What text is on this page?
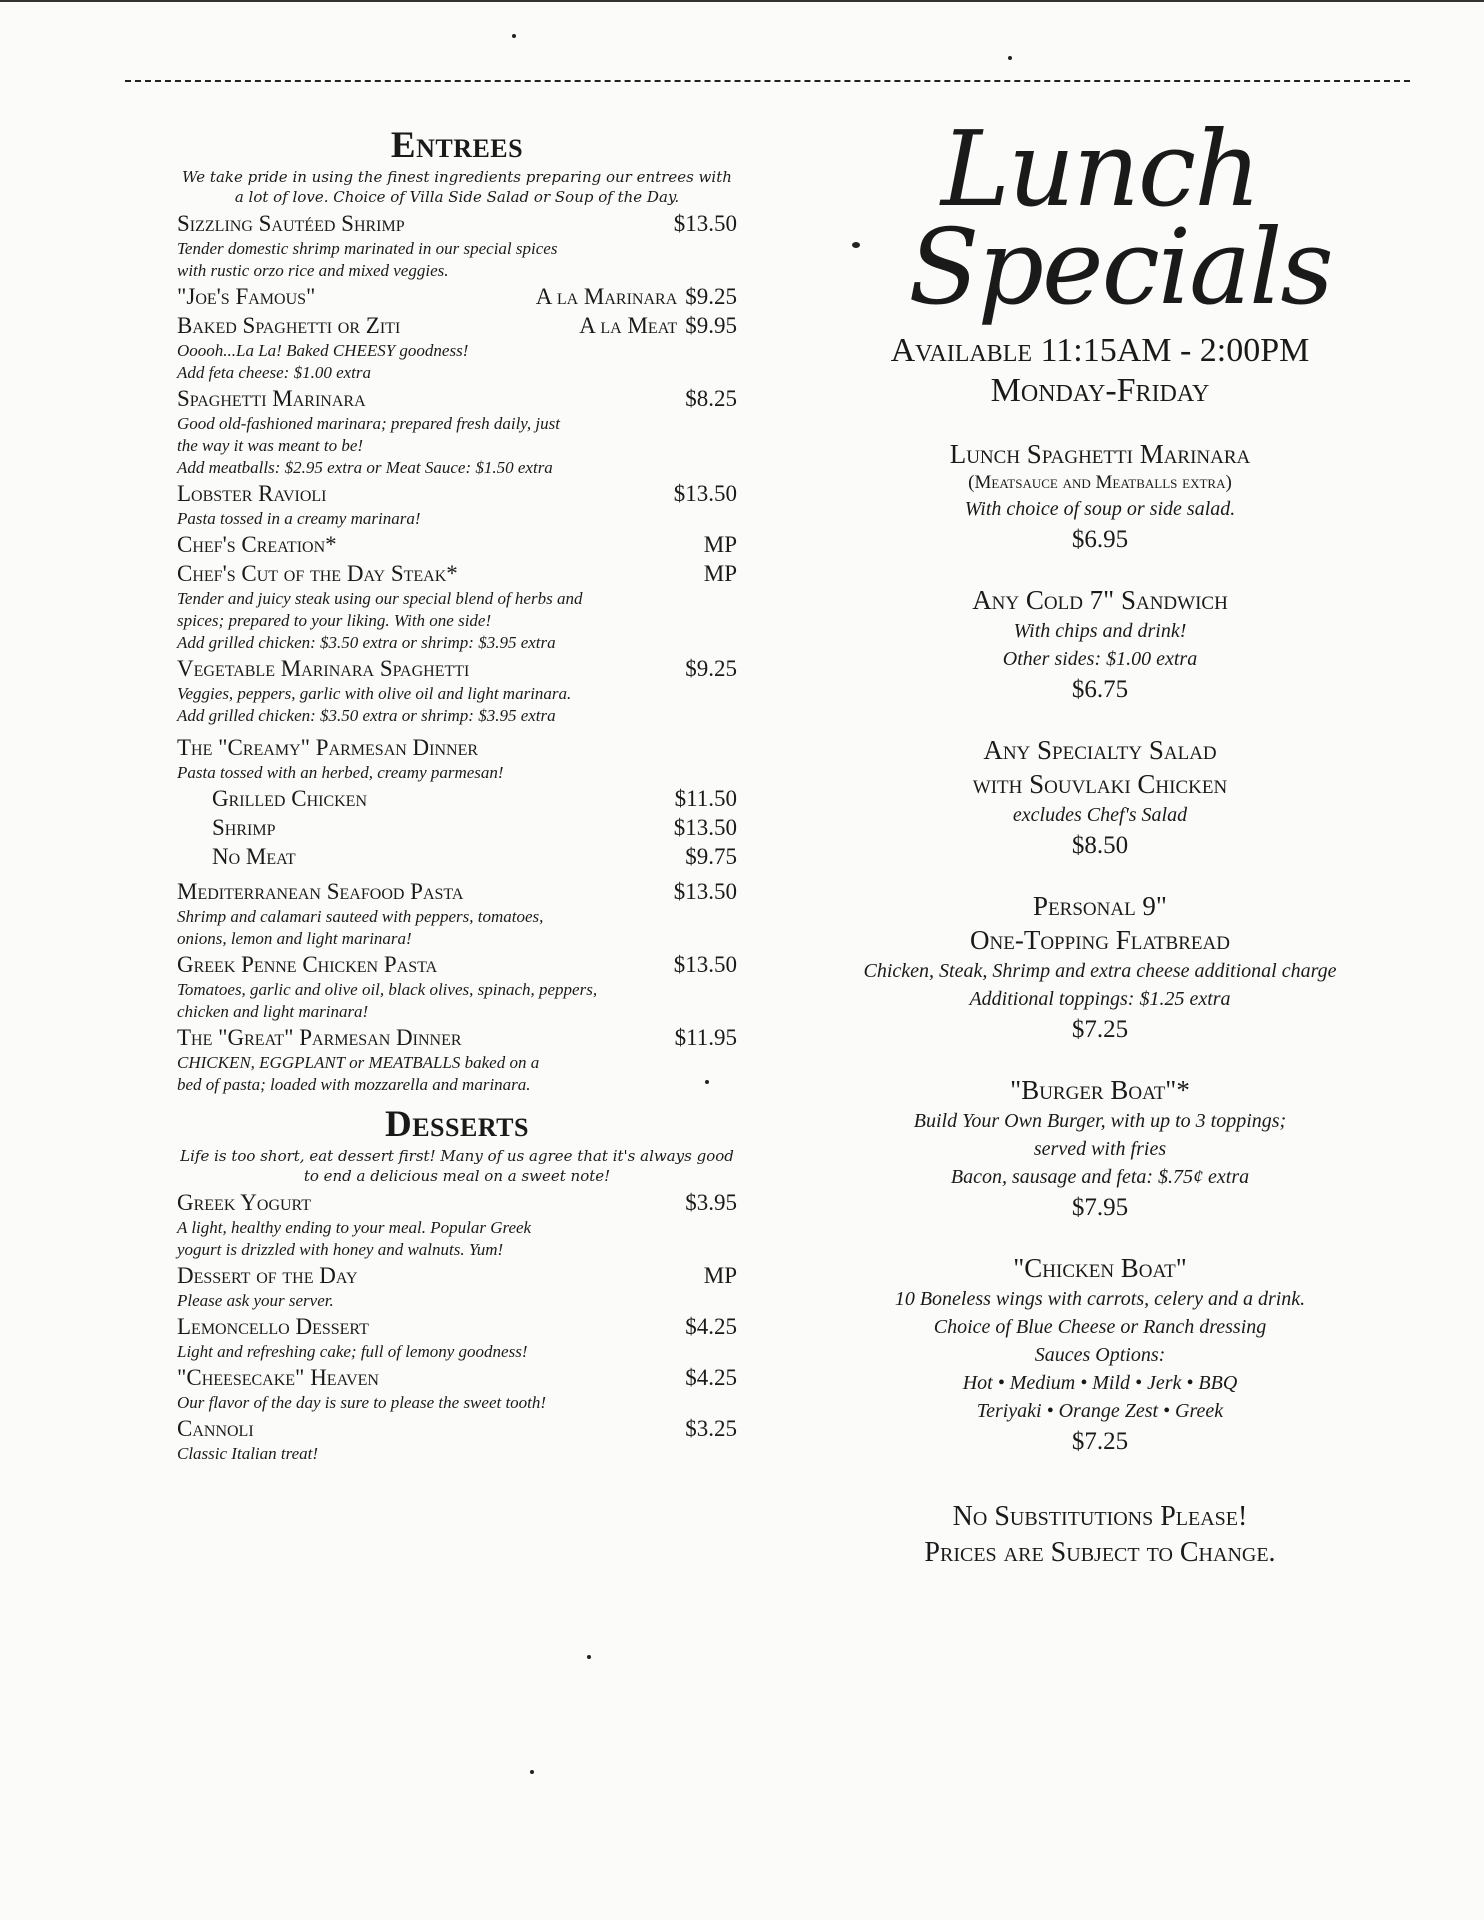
Entrees
We take pride in using the finest ingredients preparing our entrees with a lot of love. Choice of Villa Side Salad or Soup of the Day.
Sizzling Sautéed Shrimp	$13.50
Tender domestic shrimp marinated in our special spices
with rustic orzo rice and mixed veggies.
"Joe's Famous"	A la Marinara $9.25
Baked Spaghetti or Ziti	A la Meat $9.95
Ooooh...La La! Baked CHEESY goodness!
Add feta cheese: $1.00 extra
Spaghetti Marinara	$8.25
Good old-fashioned marinara; prepared fresh daily, just
the way it was meant to be!
Add meatballs: $2.95 extra or Meat Sauce: $1.50 extra
Lobster Ravioli	$13.50
Pasta tossed in a creamy marinara!
Chef's Creation*	MP
Chef's Cut of the Day Steak*	MP
Tender and juicy steak using our special blend of herbs and
spices; prepared to your liking. With one side!
Add grilled chicken: $3.50 extra or shrimp: $3.95 extra
Vegetable Marinara Spaghetti	$9.25
Veggies, peppers, garlic with olive oil and light marinara.
Add grilled chicken: $3.50 extra or shrimp: $3.95 extra
The "Creamy" Parmesan Dinner
Pasta tossed with an herbed, creamy parmesan!
Grilled Chicken	$11.50
Shrimp	$13.50
No Meat	$9.75
Mediterranean Seafood Pasta	$13.50
Shrimp and calamari sauteed with peppers, tomatoes,
onions, lemon and light marinara!
Greek Penne Chicken Pasta	$13.50
Tomatoes, garlic and olive oil, black olives, spinach, peppers,
chicken and light marinara!
The "Great" Parmesan Dinner	$11.95
CHICKEN, EGGPLANT or MEATBALLS baked on a
bed of pasta; loaded with mozzarella and marinara.
Desserts
Life is too short, eat dessert first! Many of us agree that it's always good to end a delicious meal on a sweet note!
Greek Yogurt	$3.95
A light, healthy ending to your meal. Popular Greek
yogurt is drizzled with honey and walnuts. Yum!
Dessert of the Day	MP
Please ask your server.
Lemoncello Dessert	$4.25
Light and refreshing cake; full of lemony goodness!
"Cheesecake" Heaven	$4.25
Our flavor of the day is sure to please the sweet tooth!
Cannoli	$3.25
Classic Italian treat!
Lunch
Specials
Available 11:15AM - 2:00PM
Monday-Friday
Lunch Spaghetti Marinara
(Meatsauce and Meatballs extra)
With choice of soup or side salad.
$6.95
Any Cold 7" Sandwich
With chips and drink!
Other sides: $1.00 extra
$6.75
Any Specialty Salad
with Souvlaki Chicken
excludes Chef's Salad
$8.50
Personal 9"
One-Topping Flatbread
Chicken, Steak, Shrimp and extra cheese additional charge
Additional toppings: $1.25 extra
$7.25
"Burger Boat"*
Build Your Own Burger, with up to 3 toppings;
served with fries
Bacon, sausage and feta: $.75¢ extra
$7.95
"Chicken Boat"
10 Boneless wings with carrots, celery and a drink.
Choice of Blue Cheese or Ranch dressing
Sauces Options:
Hot • Medium • Mild • Jerk • BBQ
Teriyaki • Orange Zest • Greek
$7.25
No Substitutions Please!
Prices are Subject to Change.
